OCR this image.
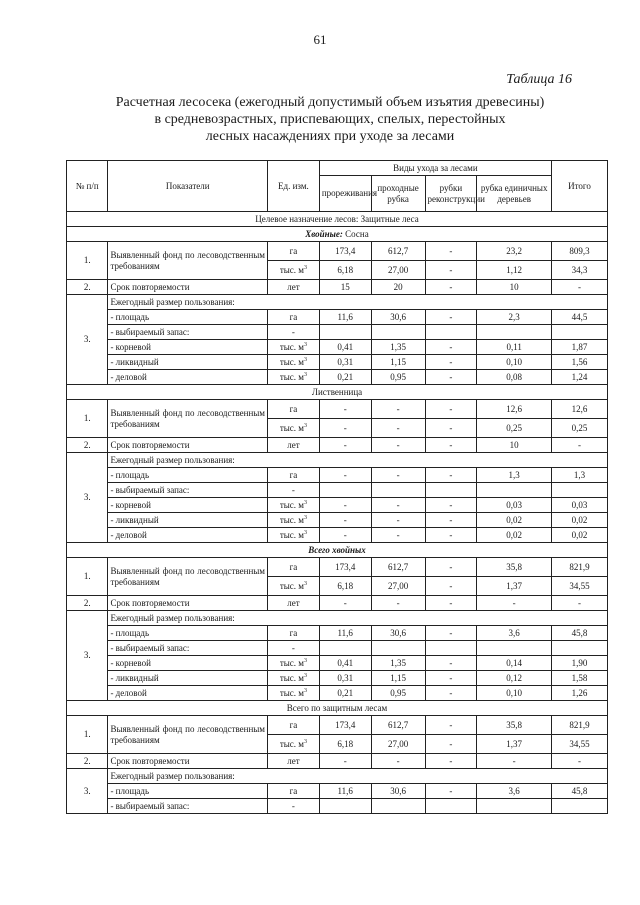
61
Таблица 16
Расчетная лесосека (ежегодный допустимый объем изъятия древесины)
в средневозрастных, приспевающих, спелых, перестойных
лесных насаждениях при уходе за лесами
№ п/п	Показатели	Ед. изм.	Виды ухода за лесами				Итого
			прореживания	проходные рубка	рубки реконструкции	рубка единичных деревьев	
Целевое назначение лесов: Защитные леса							
Хвойные: Сосна							
1.	Выявленный фонд по лесоводственным требованиям	га	173,4	612,7	-	23,2	809,3
		тыс. $м^3$	6,18	27,00	-	1,12	34,3
2.	Срок повторяемости	лет	15	20	-	10	-
3.	Ежегодный размер пользования:						
	- площадь	га	11,6	30,6	-	2,3	44,5
	- выбираемый запас:	-					
	- корневой	тыс. $м^3$	0,41	1,35	-	0,11	1,87
	- ликвидный	тыс. $м^3$	0,31	1,15	-	0,10	1,56
	- деловой	тыс. $м^3$	0,21	0,95	-	0,08	1,24
Лиственница							
1.	Выявленный фонд по лесоводственным требованиям	га	-	-	-	12,6	12,6
		тыс. $м^3$	-	-	-	0,25	0,25
2.	Срок повторяемости	лет	-	-	-	10	-
3.	Ежегодный размер пользования:						
	- площадь	га	-	-	-	1,3	1,3
	- выбираемый запас:	-					
	- корневой	тыс. $м^3$	-	-	-	0,03	0,03
	- ликвидный	тыс. $м^3$	-	-	-	0,02	0,02
	- деловой	тыс. $м^3$	-	-	-	0,02	0,02
Всего хвойных							
1.	Выявленный фонд по лесоводственным требованиям	га	173,4	612,7	-	35,8	821,9
		тыс. $м^3$	6,18	27,00	-	1,37	34,55
2.	Срок повторяемости	лет	-	-	-	-	-
3.	Ежегодный размер пользования:						
	- площадь	га	11,6	30,6	-	3,6	45,8
	- выбираемый запас:	-					
	- корневой	тыс. $м^3$	0,41	1,35	-	0,14	1,90
	- ликвидный	тыс. $м^3$	0,31	1,15	-	0,12	1,58
	- деловой	тыс. $м^3$	0,21	0,95	-	0,10	1,26
Всего по защитным лесам							
1.	Выявленный фонд по лесоводственным требованиям	га	173,4	612,7	-	35,8	821,9
		тыс. $м^3$	6,18	27,00	-	1,37	34,55
2.	Срок повторяемости	лет	-	-	-	-	-
3.	Ежегодный размер пользования:						
	- площадь	га	11,6	30,6	-	3,6	45,8
	- выбираемый запас:	-					
